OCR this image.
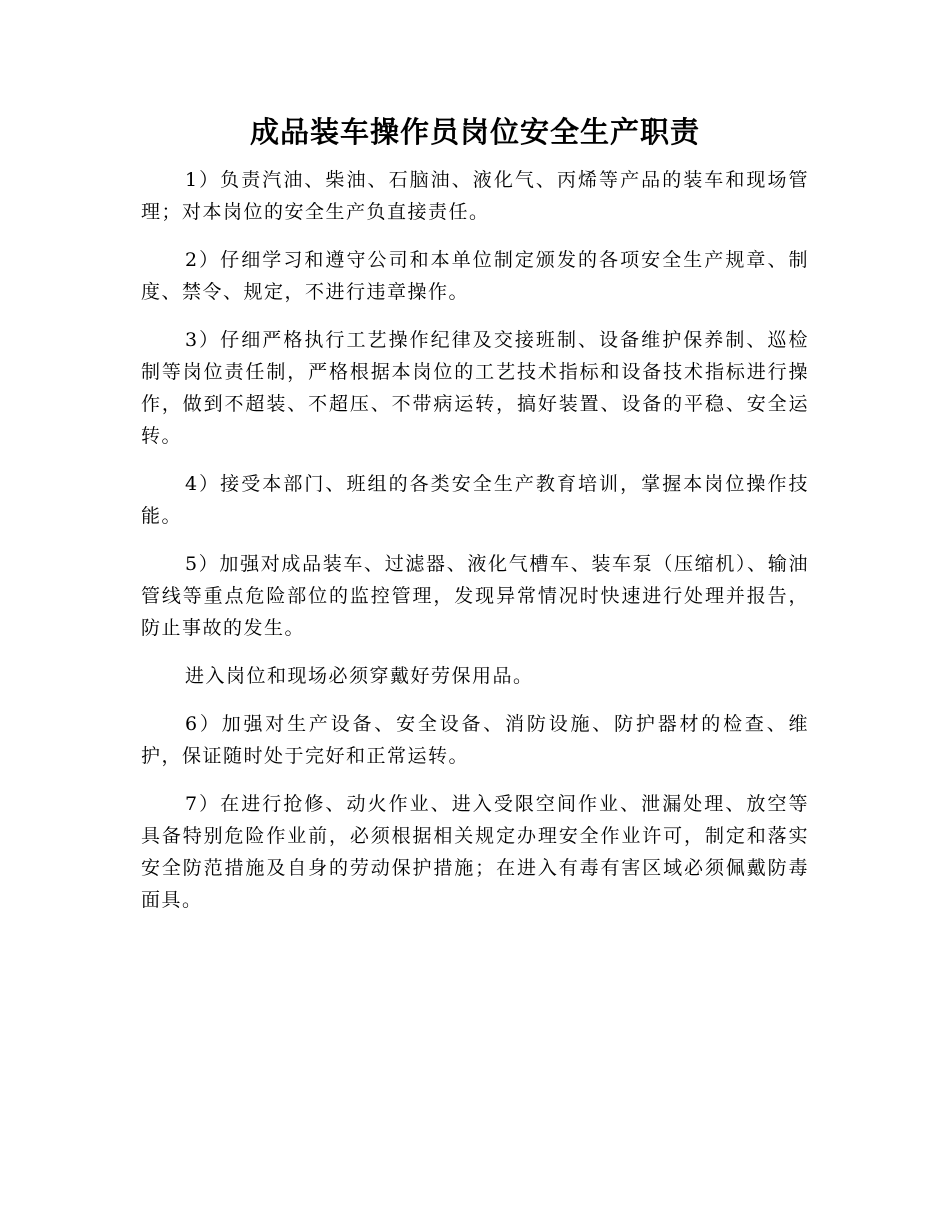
成品装车操作员岗位安全生产职责

1）负责汽油、柴油、石脑油、液化气、丙烯等产品的装车和现场管理；对本岗位的安全生产负直接责任。

2）仔细学习和遵守公司和本单位制定颁发的各项安全生产规章、制度、禁令、规定，不进行违章操作。

3）仔细严格执行工艺操作纪律及交接班制、设备维护保养制、巡检制等岗位责任制，严格根据本岗位的工艺技术指标和设备技术指标进行操作，做到不超装、不超压、不带病运转，搞好装置、设备的平稳、安全运转。

4）接受本部门、班组的各类安全生产教育培训，掌握本岗位操作技能。

5）加强对成品装车、过滤器、液化气槽车、装车泵（压缩机）、输油管线等重点危险部位的监控管理，发现异常情况时快速进行处理并报告，防止事故的发生。

进入岗位和现场必须穿戴好劳保用品。

6）加强对生产设备、安全设备、消防设施、防护器材的检查、维护，保证随时处于完好和正常运转。

7）在进行抢修、动火作业、进入受限空间作业、泄漏处理、放空等具备特别危险作业前，必须根据相关规定办理安全作业许可，制定和落实安全防范措施及自身的劳动保护措施；在进入有毒有害区域必须佩戴防毒面具。
